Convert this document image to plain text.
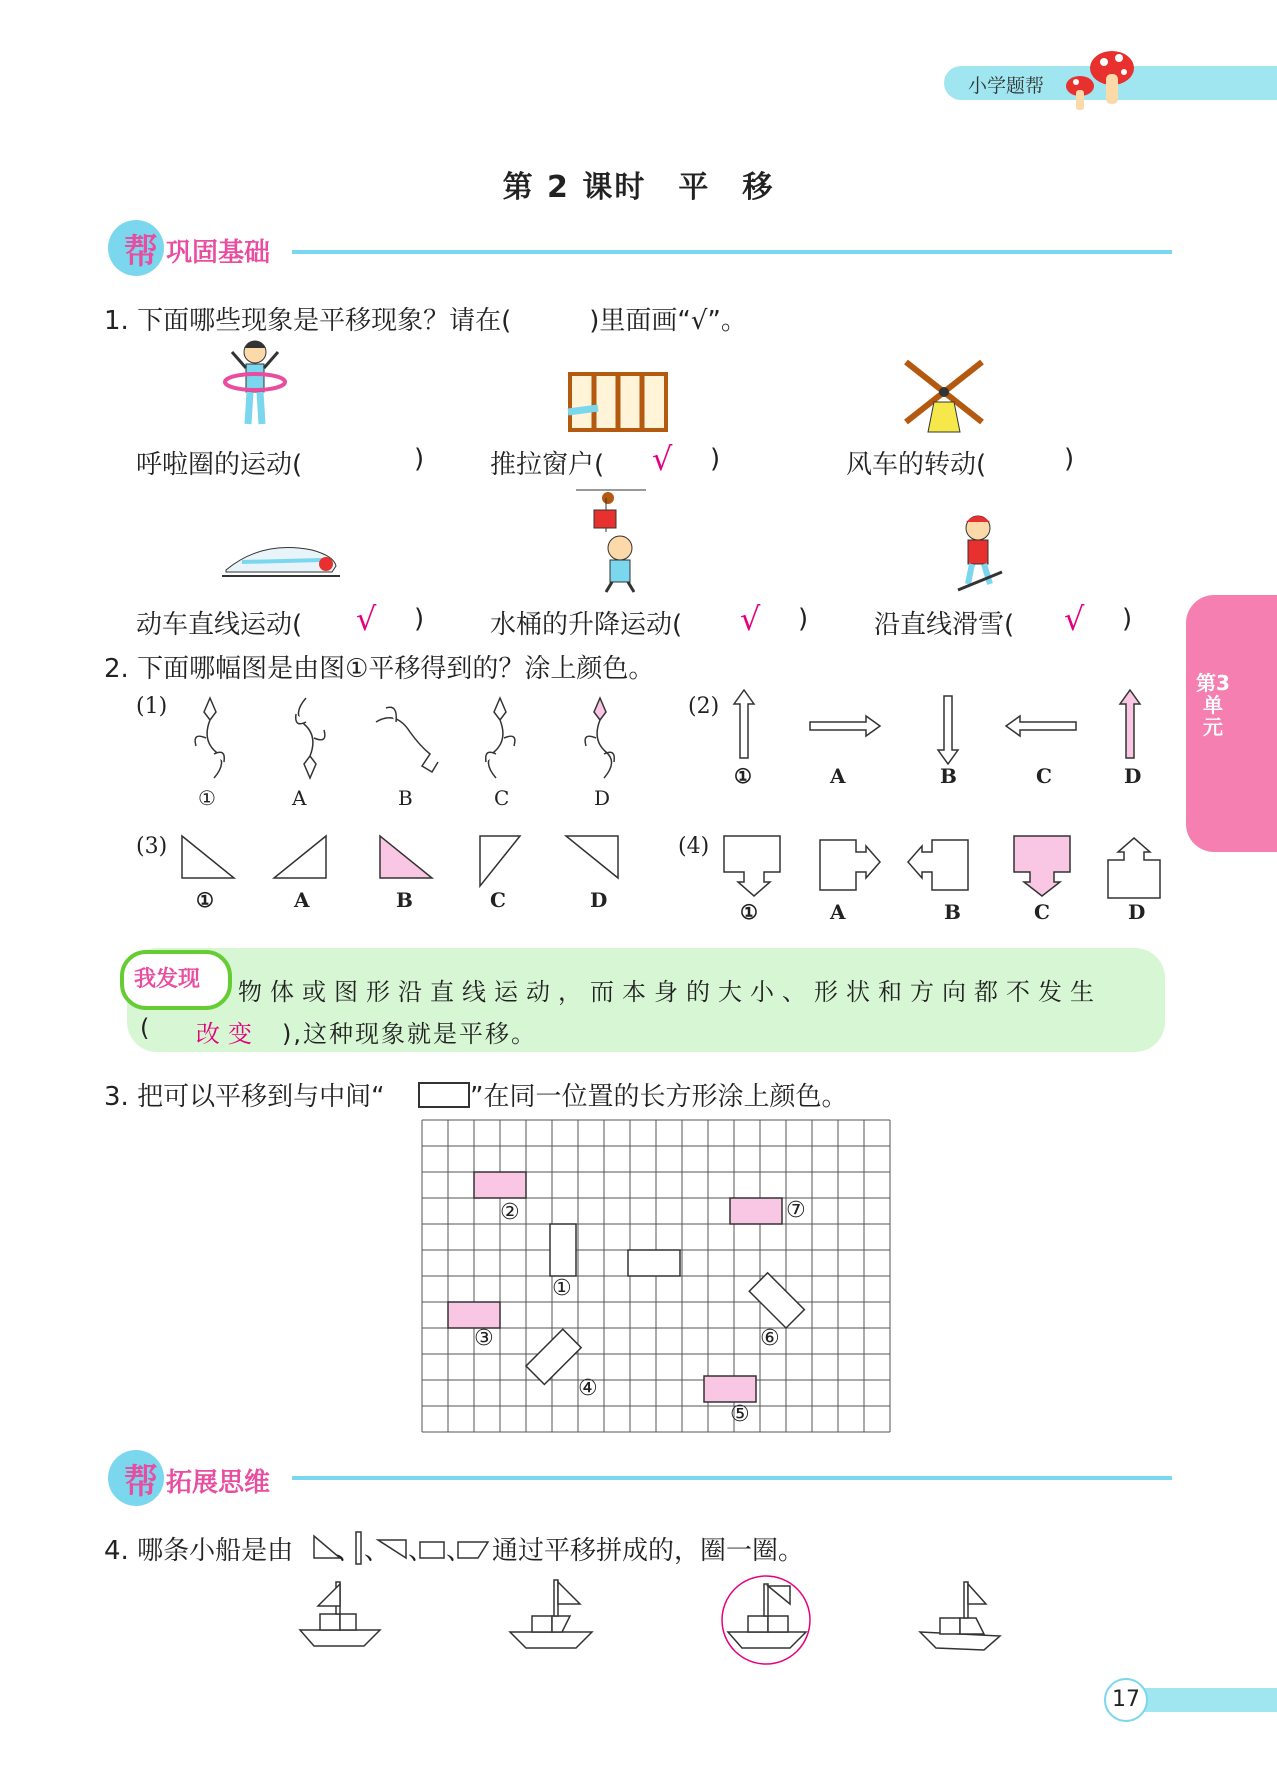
小学题帮
第 2 课时　平　移
帮 巩固基础
1. 下面哪些现象是平移现象？请在(　　　)里面画“√”。
呼啦圈的运动(	)	推拉窗户( √ )	风车的转动(	)
动车直线运动( √ )	水桶的升降运动( √ )	沿直线滑雪( √ )
第3单元
2. 下面哪幅图是由图①平移得到的？涂上颜色。
(1)
①	A	B	C	D
(2)
①	A	B	C	D
(3)
①	A	B	C	D
(4)
①	A	B	C	D
我发现 物体或图形沿直线运动，而本身的大小、形状和方向都不发生
( 改变 ),这种现象就是平移。
3. 把可以平移到与中间“	”在同一位置的长方形涂上颜色。
②	⑦
①
③	⑥
④
⑤
帮 拓展思维
4. 哪条小船是由 、 、 、 、 通过平移拼成的，圈一圈。
17
